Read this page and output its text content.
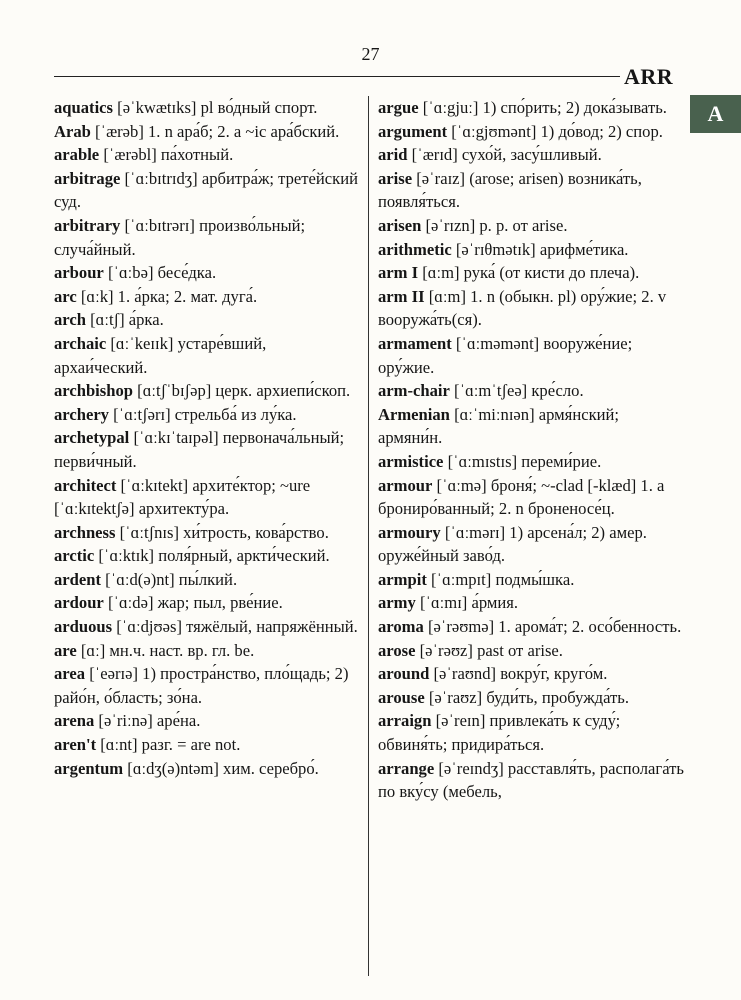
27
ARR
A

aquatics [əˈkwætɪks] pl во́дный спорт.

Arab [ˈærəb] 1. n ара́б; 2. a ~ic ара́бский.

arable [ˈærəbl] па́хотный.

arbitrage [ˈɑːbɪtrɪdʒ] арбитра́ж; трете́йский суд.

arbitrary [ˈɑːbɪtrərɪ] произво́льный; случа́йный.

arbour [ˈɑːbə] бесе́дка.

arc [ɑːk] 1. а́рка; 2. мат. дуга́.

arch [ɑːtʃ] а́рка.

archaic [ɑːˈkeɪɪk] устаре́вший, архаи́ческий.

archbishop [ɑːtʃˈbɪʃəp] церк. архиепи́скоп.

archery [ˈɑːtʃərɪ] стрельба́ из лу́ка.

archetypal [ˈɑːkɪˈtaɪpəl] первонача́льный; перви́чный.

architect [ˈɑːkɪtekt] архите́ктор; ~ure [ˈɑːkɪtektʃə] архитекту́ра.

archness [ˈɑːtʃnɪs] хи́трость, кова́рство.

arctic [ˈɑːktɪk] поля́рный, аркти́ческий.

ardent [ˈɑːd(ə)nt] пы́лкий.

ardour [ˈɑːdə] жар; пыл, рве́ние.

arduous [ˈɑːdjʊəs] тяжёлый, напряжённый.

are [ɑː] мн.ч. наст. вр. гл. be.

area [ˈeərɪə] 1) простра́нство, пло́щадь; 2) райо́н, о́бласть; зо́на.

arena [əˈriːnə] аре́на.

aren't [ɑːnt] разг. = are not.

argentum [ɑːdʒ(ə)ntəm] хим. серебро́.

argue [ˈɑːgjuː] 1) спо́рить; 2) дока́зывать.

argument [ˈɑːgjʊmənt] 1) до́вод; 2) спор.

arid [ˈærɪd] сухо́й, засу́шливый.

arise [əˈraɪz] (arose; arisen) возника́ть, появля́ться.

arisen [əˈrɪzn] p. p. от arise.

arithmetic [əˈrɪθmətɪk] арифме́тика.

arm I [ɑːm] рука́ (от кисти до плеча).

arm II [ɑːm] 1. n (обыкн. pl) ору́жие; 2. v вооружа́ть(ся).

armament [ˈɑːməmənt] вооруже́ние; ору́жие.

arm-chair [ˈɑːmˈtʃeə] кре́сло.

Armenian [ɑːˈmiːnɪən] армя́нский; армяни́н.

armistice [ˈɑːmɪstɪs] переми́рие.

armour [ˈɑːmə] броня́; ~-clad [-klæd] 1. a брониро́ванный; 2. n броненосе́ц.

armoury [ˈɑːmərɪ] 1) арсена́л; 2) амер. оруже́йный заво́д.

armpit [ˈɑːmpɪt] подмы́шка.

army [ˈɑːmɪ] а́рмия.

aroma [əˈrəʊmə] 1. арома́т; 2. осо́бенность.

arose [əˈrəʊz] past от arise.

around [əˈraʊnd] вокру́г, круго́м.

arouse [əˈraʊz] буди́ть, пробужда́ть.

arraign [əˈreɪn] привлека́ть к суду́; обвиня́ть; придира́ться.

arrange [əˈreɪndʒ] расставля́ть, располага́ть по вку́су (мебель,
